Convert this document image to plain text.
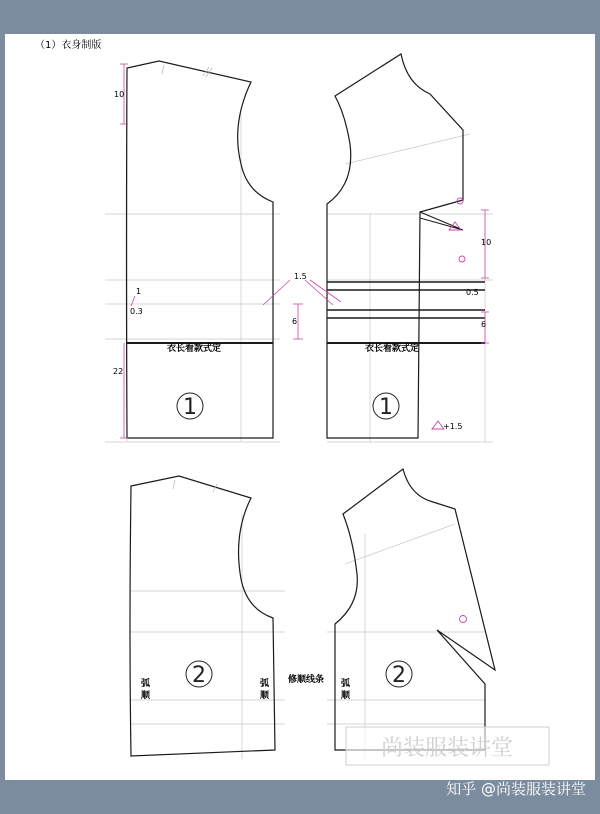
（1）衣身制版
10
1
0.3
22
1.5
6
10
0.5
6
+1.5
衣长看款式定	衣长看款式定
1	1
弧
顺
弧
顺
弧
顺
修顺线条
2	2
尚装服装讲堂
知乎 @尚装服装讲堂
